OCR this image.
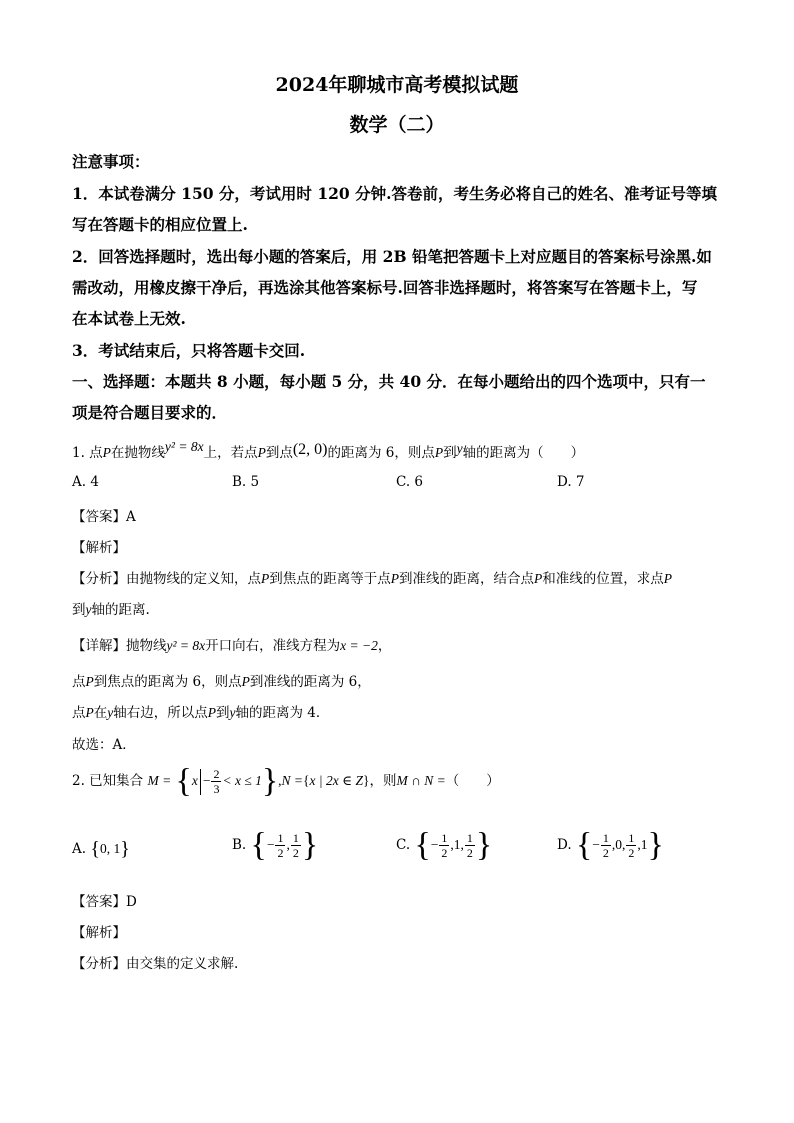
2024年聊城市高考模拟试题
数学（二）
注意事项：
1．本试卷满分 150 分，考试用时 120 分钟.答卷前，考生务必将自己的姓名、准考证号等填
写在答题卡的相应位置上.
2．回答选择题时，选出每小题的答案后，用 2B 铅笔把答题卡上对应题目的答案标号涂黑.如
需改动，用橡皮擦干净后，再选涂其他答案标号.回答非选择题时，将答案写在答题卡上，写
在本试卷上无效.
3．考试结束后，只将答题卡交回.
一、选择题：本题共 8 小题，每小题 5 分，共 40 分．在每小题给出的四个选项中，只有一
项是符合题目要求的．
1. 点P在抛物线y² = 8x上，若点P到点(2, 0)的距离为 6，则点P到y轴的距离为（　　）
A. 4	B. 5	C. 6	D. 7
【答案】A
【解析】
【分析】由抛物线的定义知，点P到焦点的距离等于点P到准线的距离，结合点P和准线的位置，求点P
到y轴的距离.
【详解】抛物线y² = 8x开口向右，准线方程为x = −2，
点P到焦点的距离为 6，则点P到准线的距离为 6，
点P在y轴右边，所以点P到y轴的距离为 4．
故选：A．
2. 已知集合 $M = \{x - \frac{2}{3} < x \le 1\},N =\{x$ | 2x ∈ Z}，则M ∩ N =（　　）
A. {0, 1}	B. {− $\frac{1}{2}$ , $\frac{1}{2}$ }	C. {− $\frac{1}{2} ,1$, $\frac{1}{2}$ }	D. {− $\frac{1}{2} ,0$, $\frac{1}{2} ,1$}
【答案】D
【解析】
【分析】由交集的定义求解.
